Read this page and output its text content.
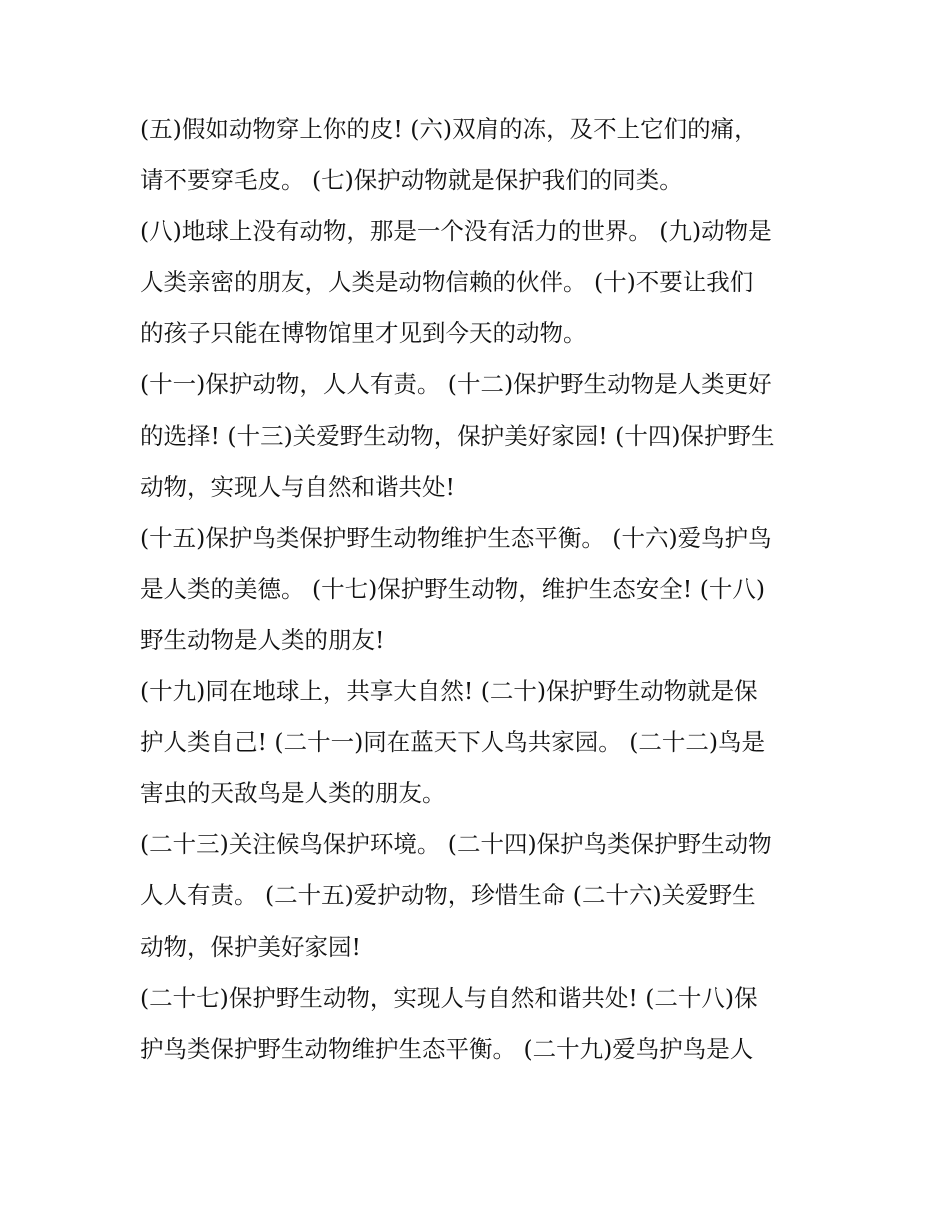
(五)假如动物穿上你的皮! (六)双肩的冻，及不上它们的痛，
请不要穿毛皮。 (七)保护动物就是保护我们的同类。
(八)地球上没有动物，那是一个没有活力的世界。 (九)动物是
人类亲密的朋友，人类是动物信赖的伙伴。 (十)不要让我们
的孩子只能在博物馆里才见到今天的动物。
(十一)保护动物，人人有责。 (十二)保护野生动物是人类更好
的选择! (十三)关爱野生动物，保护美好家园! (十四)保护野生
动物，实现人与自然和谐共处!
(十五)保护鸟类保护野生动物维护生态平衡。 (十六)爱鸟护鸟
是人类的美德。 (十七)保护野生动物，维护生态安全! (十八)
野生动物是人类的朋友!
(十九)同在地球上，共享大自然! (二十)保护野生动物就是保
护人类自己! (二十一)同在蓝天下人鸟共家园。 (二十二)鸟是
害虫的天敌鸟是人类的朋友。
(二十三)关注候鸟保护环境。 (二十四)保护鸟类保护野生动物
人人有责。 (二十五)爱护动物，珍惜生命 (二十六)关爱野生
动物，保护美好家园!
(二十七)保护野生动物，实现人与自然和谐共处! (二十八)保
护鸟类保护野生动物维护生态平衡。 (二十九)爱鸟护鸟是人
